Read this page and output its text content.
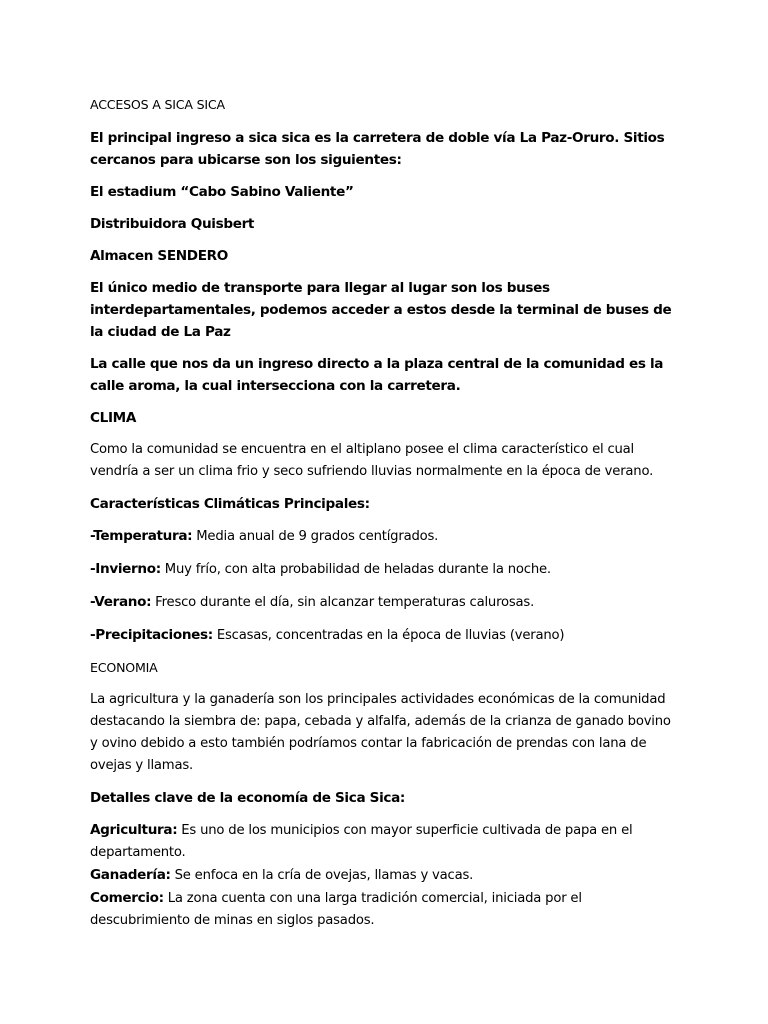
ACCESOS A SICA SICA

El principal ingreso a sica sica es la carretera de doble vía La Paz-Oruro. Sitios cercanos para ubicarse son los siguientes:

El estadium “Cabo Sabino Valiente”

Distribuidora Quisbert

Almacen SENDERO

El único medio de transporte para llegar al lugar son los buses interdepartamentales, podemos acceder a estos desde la terminal de buses de la ciudad de La Paz

La calle que nos da un ingreso directo a la plaza central de la comunidad es la calle aroma, la cual intersecciona con la carretera.

CLIMA

Como la comunidad se encuentra en el altiplano posee el clima característico el cual vendría a ser un clima frio y seco sufriendo lluvias normalmente en la época de verano.

Características Climáticas Principales:

-Temperatura: Media anual de 9 grados centígrados.

-Invierno: Muy frío, con alta probabilidad de heladas durante la noche.

-Verano: Fresco durante el día, sin alcanzar temperaturas calurosas.

-Precipitaciones: Escasas, concentradas en la época de lluvias (verano)

ECONOMIA

La agricultura y la ganadería son los principales actividades económicas de la comunidad destacando la siembra de: papa, cebada y alfalfa, además de la crianza de ganado bovino y ovino debido a esto también podríamos contar la fabricación de prendas con lana de ovejas y llamas.

Detalles clave de la economía de Sica Sica:

Agricultura: Es uno de los municipios con mayor superficie cultivada de papa en el departamento.

Ganadería: Se enfoca en la cría de ovejas, llamas y vacas.

Comercio: La zona cuenta con una larga tradición comercial, iniciada por el descubrimiento de minas en siglos pasados.
